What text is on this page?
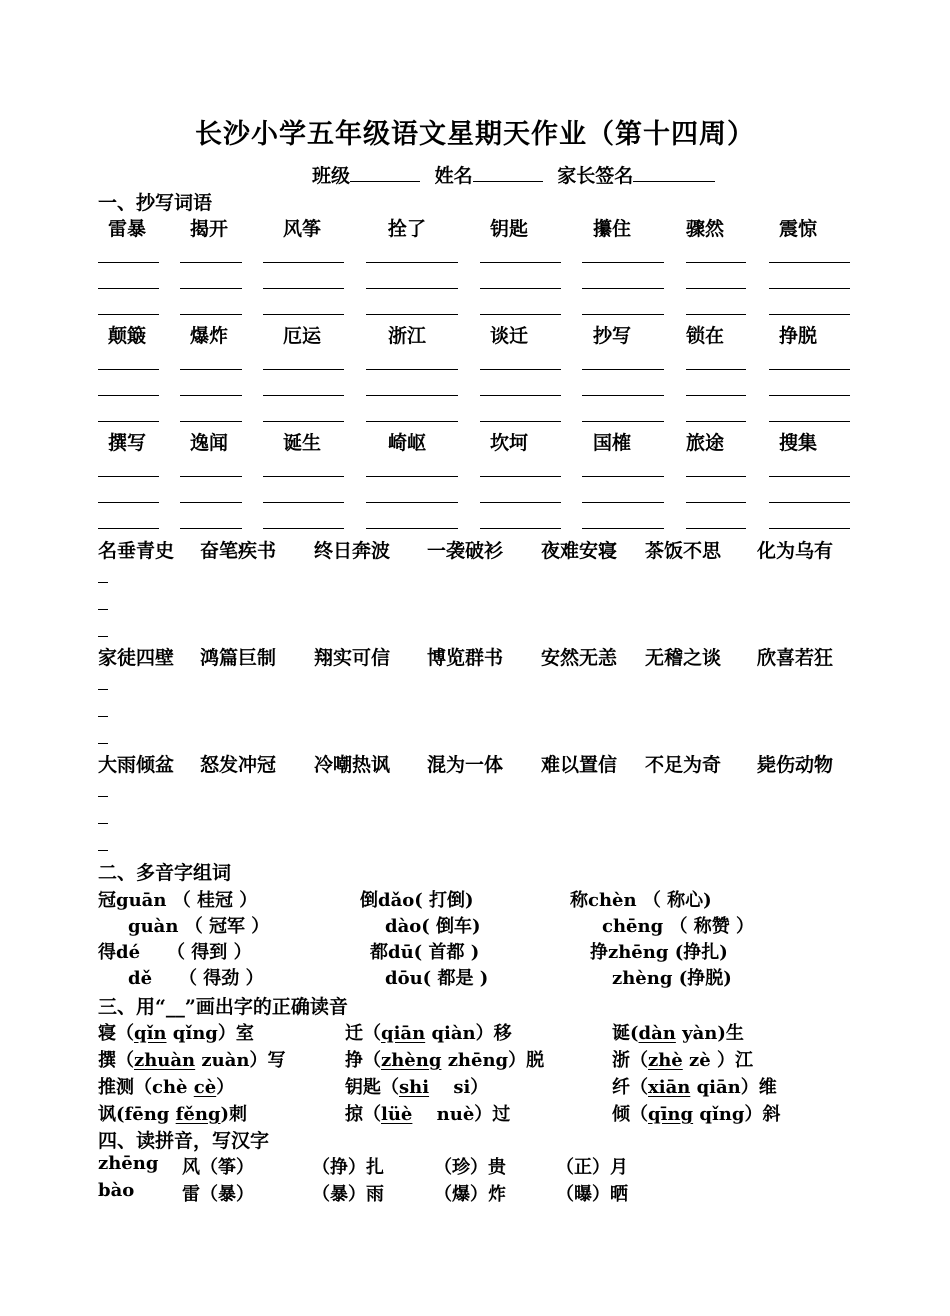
长沙小学五年级语文星期天作业（第十四周）
班级	姓名	家长签名
一、抄写词语
雷暴 揭开	风筝	拴了	钥匙	攥住	骤然	震惊
颠簸 爆炸	厄运	浙江	谈迁	抄写	锁在	挣脱
撰写 逸闻	诞生	崎岖	坎坷	国榷	旅途	搜集
名垂青史 奋笔疾书 终日奔波 一袭破衫 夜难安寝 茶饭不思 化为乌有
家徒四壁 鸿篇巨制 翔实可信 博览群书 安然无恙 无稽之谈 欣喜若狂
大雨倾盆 怒发冲冠 冷嘲热讽 混为一体 难以置信 不足为奇 毙伤动物
二、多音字组词
冠guān （ 桂冠 ）	倒dǎo( 打倒)	称chèn （ 称心)
guàn （ 冠军 ）	dào( 倒车)	chēng （ 称赞 ）
得dé　　（ 得到 ）	都dū( 首都 )	挣zhēng (挣扎)
dě　　（ 得劲 ）	dōu( 都是 )	zhèng (挣脱)
三、用“__”画出字的正确读音
寝（qǐn qǐng）室	迁（qiān qiàn）移	诞(dàn yàn)生
撰（zhuàn zuàn）写	挣（zhèng zhēng）脱	浙（zhè zè ）江
推测（chè cè）	钥匙（shi　 si）	纤（xiān qiān）维
讽(fēng fěng)刺	掠（lüè　 nuè）过	倾（qīng qǐng）斜
四、读拼音，写汉字
zhēng 风（筝）	（挣）扎	（珍）贵	（正）月
bào	雷（暴）	（暴）雨	（爆）炸	（曝）晒
